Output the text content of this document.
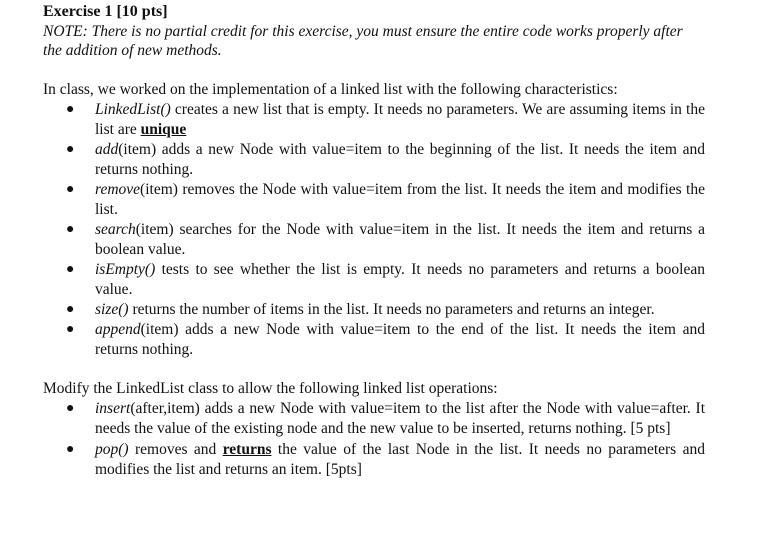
Exercise 1 [10 pts]
NOTE: There is no partial credit for this exercise, you must ensure the entire code works properly after the addition of new methods.
In class, we worked on the implementation of a linked list with the following characteristics:
● LinkedList() creates a new list that is empty. It needs no parameters. We are assuming items in the list are unique
● add(item) adds a new Node with value=item to the beginning of the list. It needs the item and returns nothing.
● remove(item) removes the Node with value=item from the list. It needs the item and modifies the list.
● search(item) searches for the Node with value=item in the list. It needs the item and returns a boolean value.
● isEmpty() tests to see whether the list is empty. It needs no parameters and returns a boolean value.
● size() returns the number of items in the list. It needs no parameters and returns an integer.
● append(item) adds a new Node with value=item to the end of the list. It needs the item and returns nothing.
Modify the LinkedList class to allow the following linked list operations:
● insert(after,item) adds a new Node with value=item to the list after the Node with value=after. It needs the value of the existing node and the new value to be inserted, returns nothing. [5 pts]
● pop() removes and returns the value of the last Node in the list. It needs no parameters and modifies the list and returns an item. [5pts]
